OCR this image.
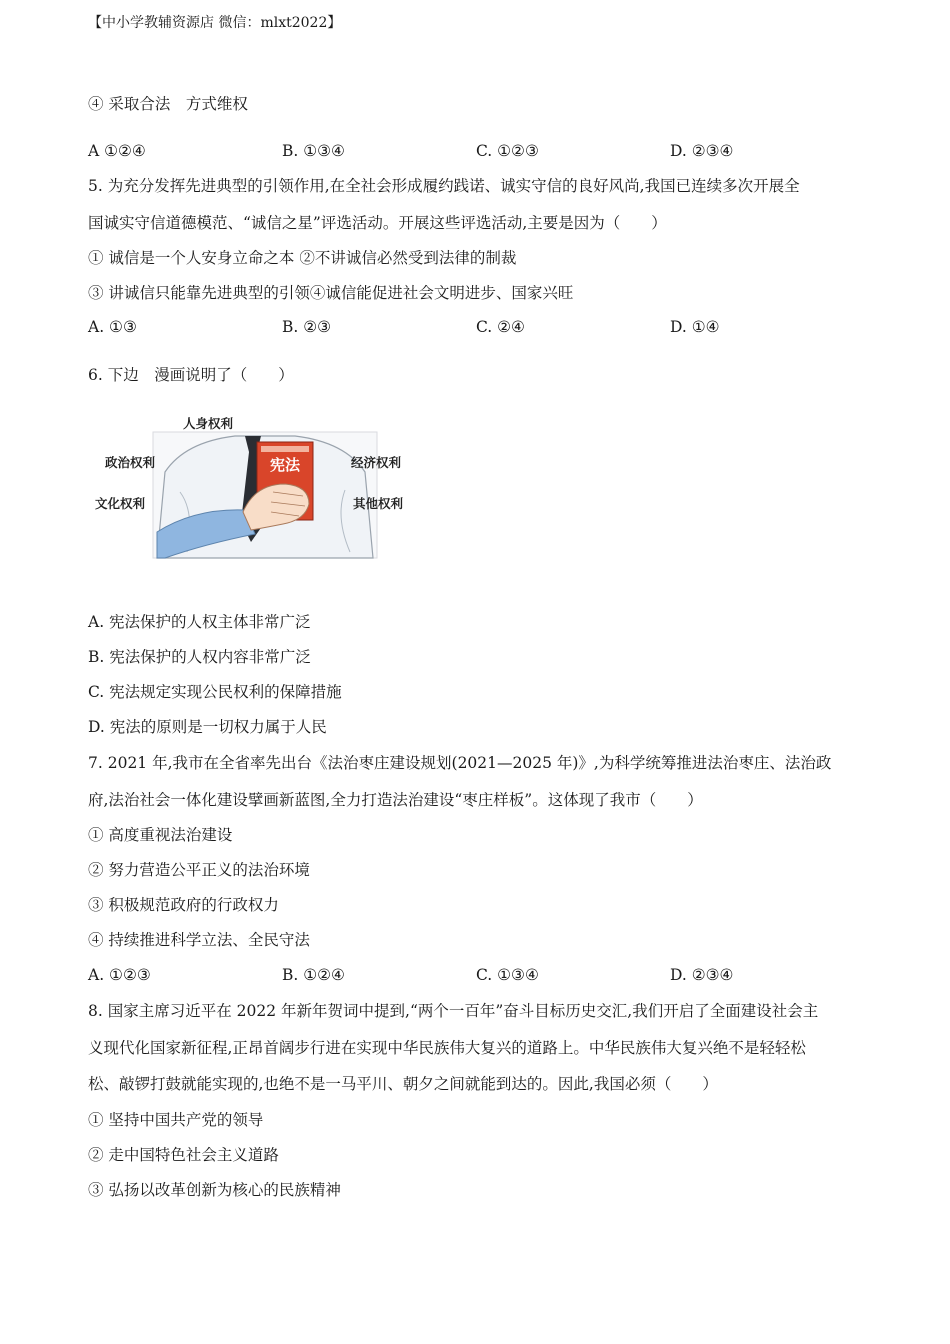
【中小学教辅资源店 微信：mlxt2022】
④ 采取合法　方式维权
A ①②④	B. ①③④	C. ①②③	D. ②③④
5. 为充分发挥先进典型的引领作用,在全社会形成履约践诺、诚实守信的良好风尚,我国已连续多次开展全
国诚实守信道德模范、“诚信之星”评选活动。开展这些评选活动,主要是因为（　　）
① 诚信是一个人安身立命之本 ②不讲诚信必然受到法律的制裁
③ 讲诚信只能靠先进典型的引领④诚信能促进社会文明进步、国家兴旺
A. ①③	B. ②③	C. ②④	D. ①④
6. 下边　漫画说明了（　　）
宪法
人身权利
政治权利
文化权利
经济权利
其他权利
A. 宪法保护的人权主体非常广泛
B. 宪法保护的人权内容非常广泛
C. 宪法规定实现公民权利的保障措施
D. 宪法的原则是一切权力属于人民
7. 2021 年,我市在全省率先出台《法治枣庄建设规划(2021—2025 年)》,为科学统筹推进法治枣庄、法治政
府,法治社会一体化建设擘画新蓝图,全力打造法治建设“枣庄样板”。这体现了我市（　　）
① 高度重视法治建设
② 努力营造公平正义的法治环境
③ 积极规范政府的行政权力
④ 持续推进科学立法、全民守法
A. ①②③	B. ①②④	C. ①③④	D. ②③④
8. 国家主席习近平在 2022 年新年贺词中提到,“两个一百年”奋斗目标历史交汇,我们开启了全面建设社会主
义现代化国家新征程,正昂首阔步行进在实现中华民族伟大复兴的道路上。中华民族伟大复兴绝不是轻轻松
松、敲锣打鼓就能实现的,也绝不是一马平川、朝夕之间就能到达的。因此,我国必须（　　）
① 坚持中国共产党的领导
② 走中国特色社会主义道路
③ 弘扬以改革创新为核心的民族精神
